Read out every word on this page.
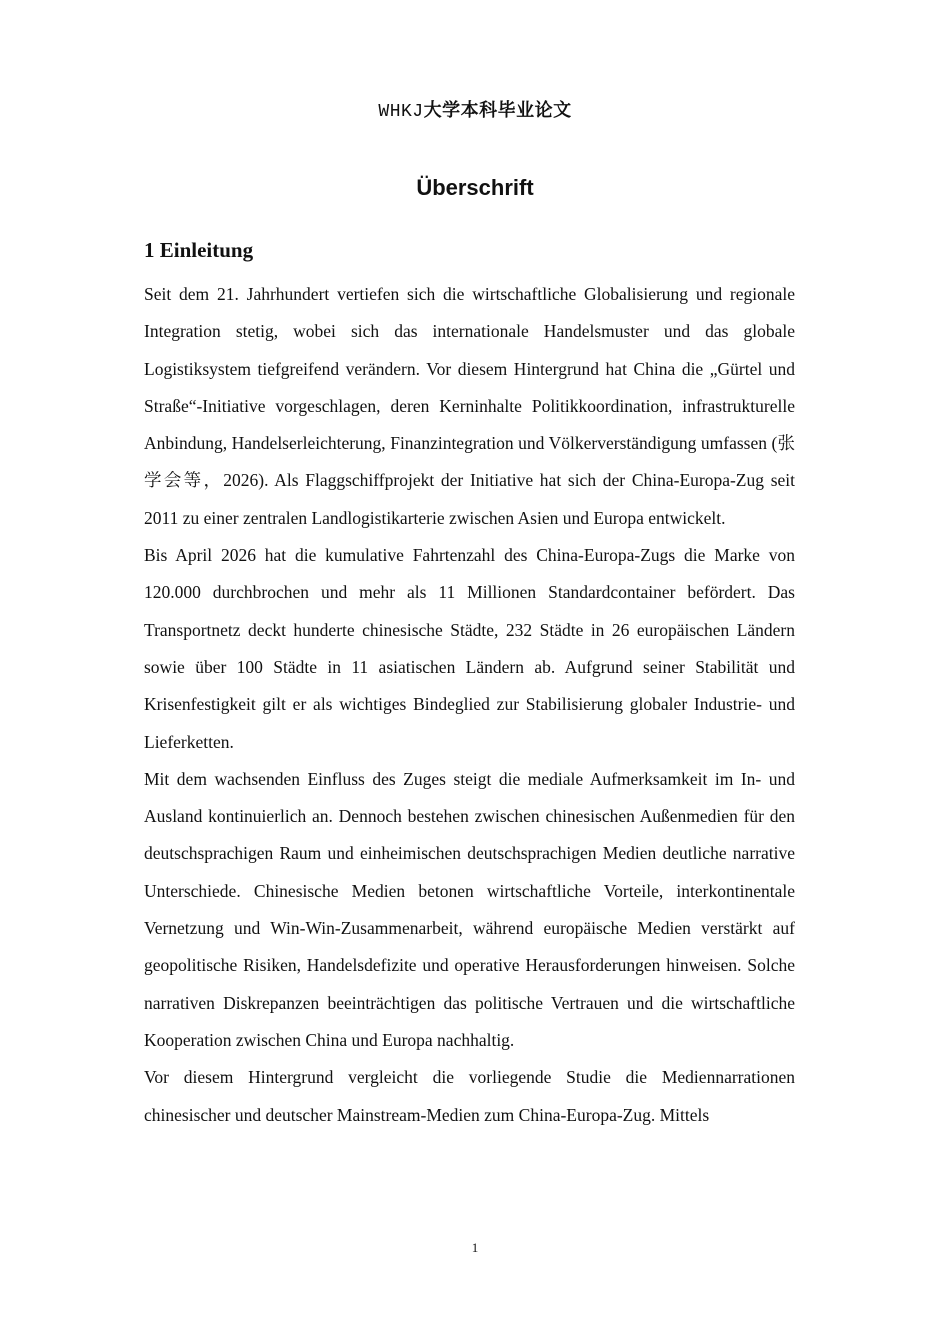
WHKJ大学本科毕业论文
Überschrift
1 Einleitung

Seit dem 21. Jahrhundert vertiefen sich die wirtschaftliche Globalisierung und regionale Integration stetig, wobei sich das internationale Handelsmuster und das globale Logistiksystem tiefgreifend verändern. Vor diesem Hintergrund hat China die „Gürtel und Straße“-Initiative vorgeschlagen, deren Kerninhalte Politikkoordination, infrastrukturelle Anbindung, Handelserleichterung, Finanzintegration und Völkerverständigung umfassen (张学会等，2026). Als Flaggschiffprojekt der Initiative hat sich der China-Europa-Zug seit 2011 zu einer zentralen Landlogistikarterie zwischen Asien und Europa entwickelt.

Bis April 2026 hat die kumulative Fahrtenzahl des China-Europa-Zugs die Marke von 120.000 durchbrochen und mehr als 11 Millionen Standardcontainer befördert. Das Transportnetz deckt hunderte chinesische Städte, 232 Städte in 26 europäischen Ländern sowie über 100 Städte in 11 asiatischen Ländern ab. Aufgrund seiner Stabilität und Krisenfestigkeit gilt er als wichtiges Bindeglied zur Stabilisierung globaler Industrie- und Lieferketten.

Mit dem wachsenden Einfluss des Zuges steigt die mediale Aufmerksamkeit im In- und Ausland kontinuierlich an. Dennoch bestehen zwischen chinesischen Außenmedien für den deutschsprachigen Raum und einheimischen deutschsprachigen Medien deutliche narrative Unterschiede. Chinesische Medien betonen wirtschaftliche Vorteile, interkontinentale Vernetzung und Win-Win-Zusammenarbeit, während europäische Medien verstärkt auf geopolitische Risiken, Handelsdefizite und operative Herausforderungen hinweisen. Solche narrativen Diskrepanzen beeinträchtigen das politische Vertrauen und die wirtschaftliche Kooperation zwischen China und Europa nachhaltig.

Vor diesem Hintergrund vergleicht die vorliegende Studie die Mediennarrationen chinesischer und deutscher Mainstream-Medien zum China-Europa-Zug. Mittels

1
